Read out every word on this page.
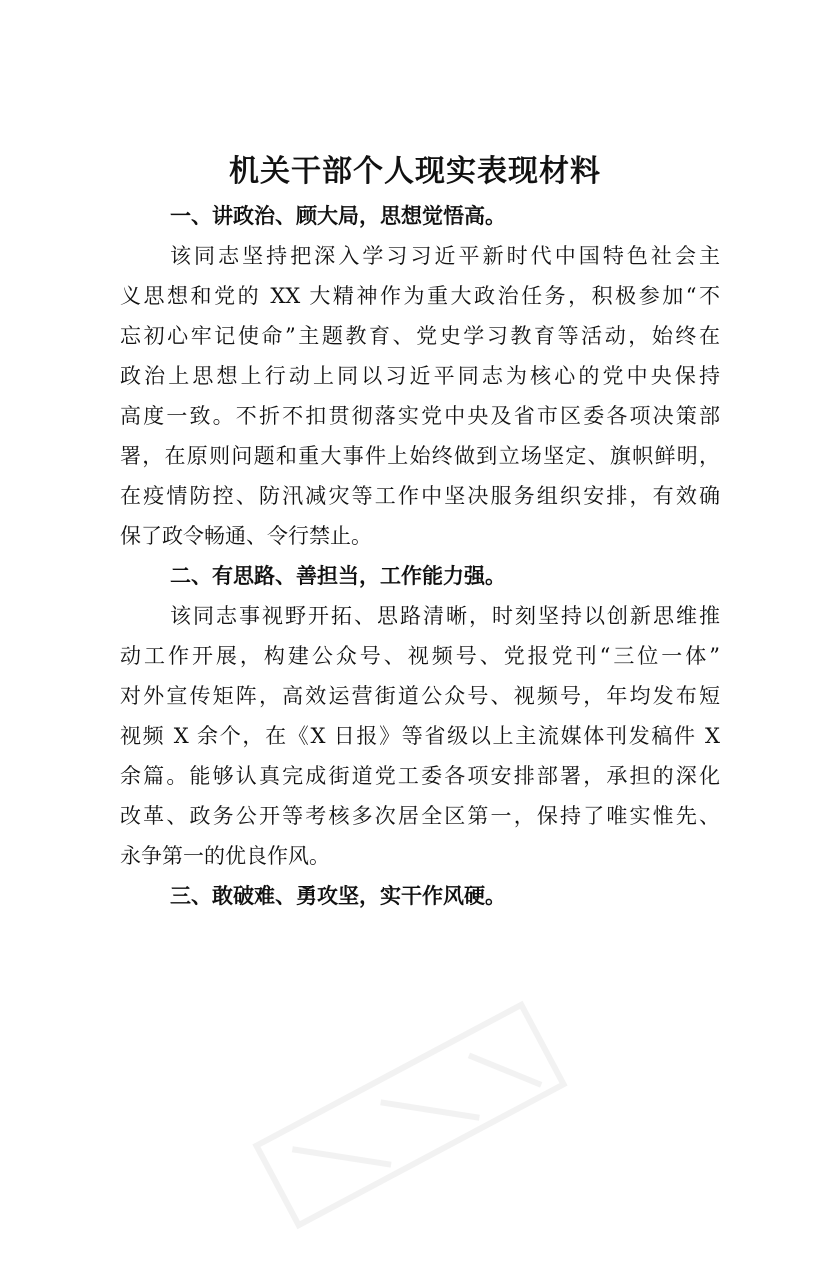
机关干部个人现实表现材料

一、讲政治、顾大局，思想觉悟高。

该同志坚持把深入学习习近平新时代中国特色社会主
义思想和党的 XX 大精神作为重大政治任务，积极参加“不
忘初心牢记使命”主题教育、党史学习教育等活动，始终在
政治上思想上行动上同以习近平同志为核心的党中央保持
高度一致。不折不扣贯彻落实党中央及省市区委各项决策部
署，在原则问题和重大事件上始终做到立场坚定、旗帜鲜明，
在疫情防控、防汛减灾等工作中坚决服务组织安排，有效确
保了政令畅通、令行禁止。

二、有思路、善担当，工作能力强。

该同志事视野开拓、思路清晰，时刻坚持以创新思维推
动工作开展，构建公众号、视频号、党报党刊“三位一体”
对外宣传矩阵，高效运营街道公众号、视频号，年均发布短
视频 X 余个，在《X 日报》等省级以上主流媒体刊发稿件 X
余篇。能够认真完成街道党工委各项安排部署，承担的深化
改革、政务公开等考核多次居全区第一，保持了唯实惟先、
永争第一的优良作风。

三、敢破难、勇攻坚，实干作风硬。
